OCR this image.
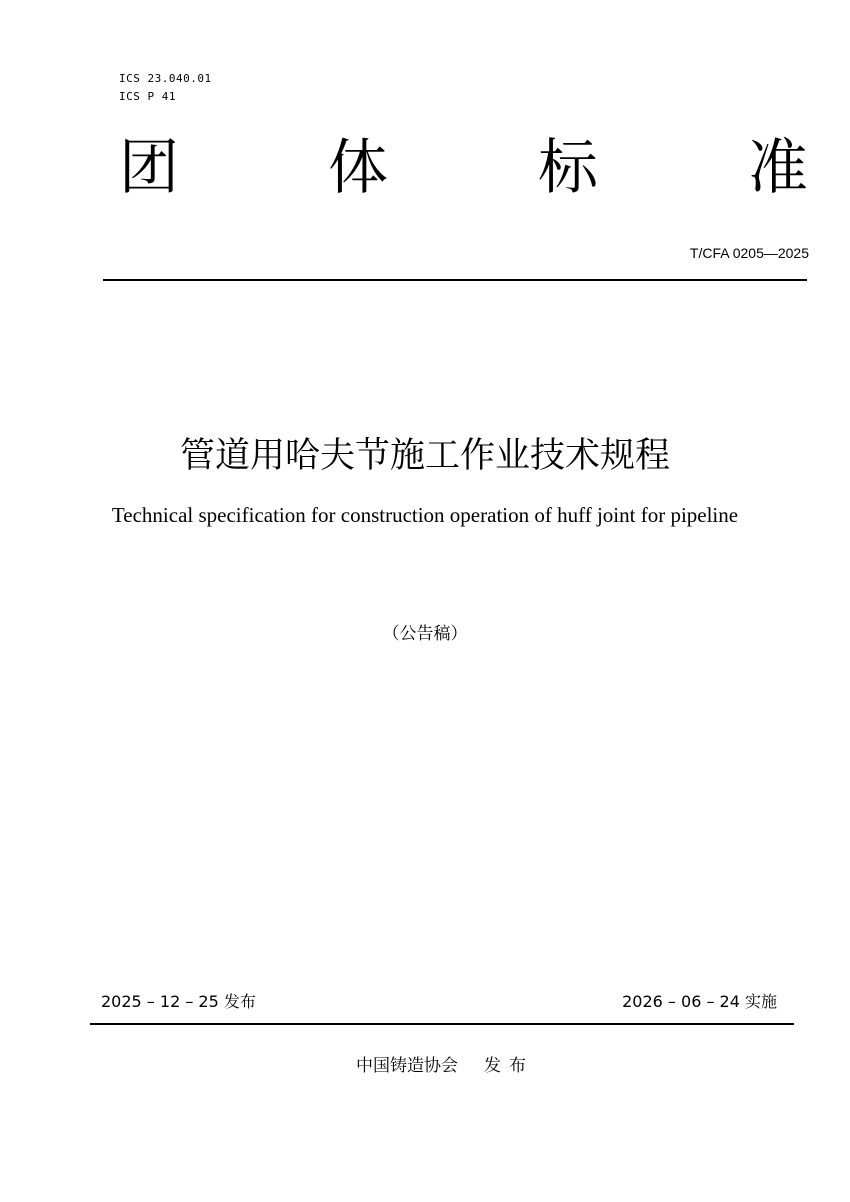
ICS 23.040.01
ICS P 41
团 体	标	准
T/CFA 0205—2025
管道用哈夫节施工作业技术规程
Technical specification for construction operation of huff joint for pipeline
（公告稿）
2025 – 12 – 25 发布	2026 – 06 – 24 实施
中国铸造协会 发布
